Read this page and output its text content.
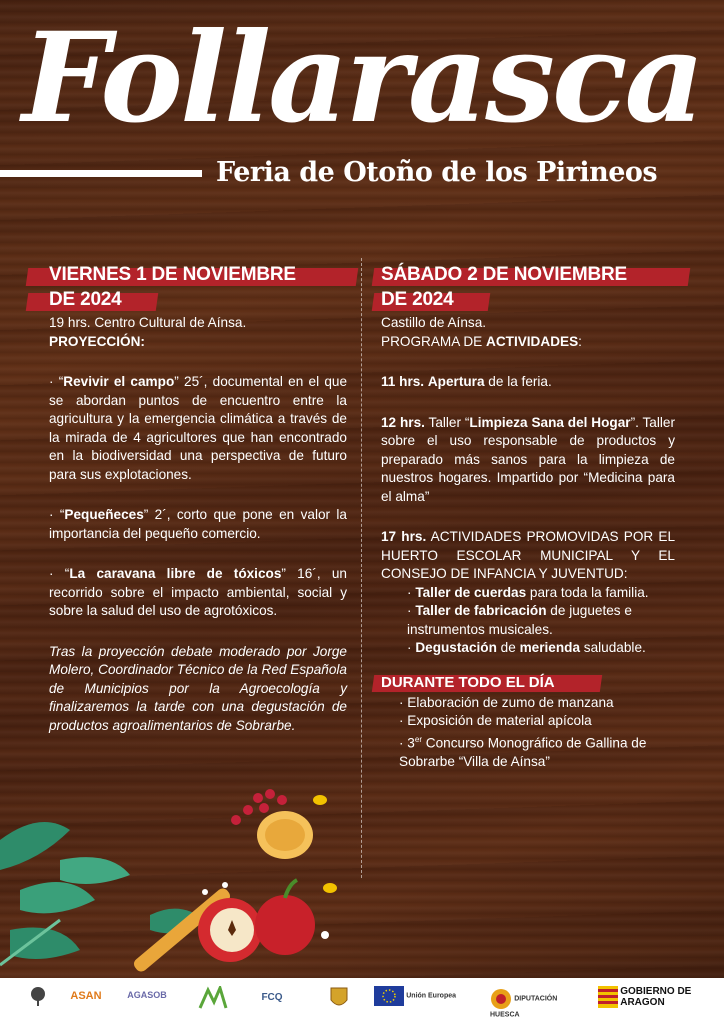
Follarasca
Feria de Otoño de los Pirineos
VIERNES 1 DE NOVIEMBRE
DE 2024

19 hrs. Centro Cultural de Aínsa.

PROYECCIÓN:

· “Revivir el campo” 25´, documental en el que se abordan puntos de encuentro entre la agricultura y la emergencia climática a través de la mirada de 4 agricultores que han encontrado en la biodiversidad una perspectiva de futuro para sus explotaciones.

· “Pequeñeces” 2´, corto que pone en valor la importancia del pequeño comercio.

· “La caravana libre de tóxicos” 16´, un recorrido sobre el impacto ambiental, social y sobre la salud del uso de agrotóxicos.

Tras la proyección debate moderado por Jorge Molero, Coordinador Técnico de la Red Española de Municipios por la Agroecología y finalizaremos la tarde con una degustación de productos agroalimentarios de Sobrarbe.

SÁBADO 2 DE NOVIEMBRE
DE 2024

Castillo de Aínsa.

PROGRAMA DE ACTIVIDADES:

11 hrs. Apertura de la feria.

12 hrs. Taller “Limpieza Sana del Hogar”. Taller sobre el uso responsable de productos y preparado más sanos para la limpieza de nuestros hogares. Impartido por “Medicina para el alma”

17 hrs. ACTIVIDADES PROMOVIDAS POR EL HUERTO ESCOLAR MUNICIPAL Y EL CONSEJO DE INFANCIA Y JUVENTUD:

· Taller de cuerdas para toda la familia.

· Taller de fabricación de juguetes e instrumentos musicales.

· Degustación de merienda saludable.

DURANTE TODO EL DÍA

· Elaboración de zumo de manzana

· Exposición de material apícola

· 3er Concurso Monográfico de Gallina de Sobrarbe “Villa de Aínsa”

ASAN	AGASOB	FCQ	Unión Europea	DIPUTACIÓN HUESCA
GOBIERNO DE ARAGON
